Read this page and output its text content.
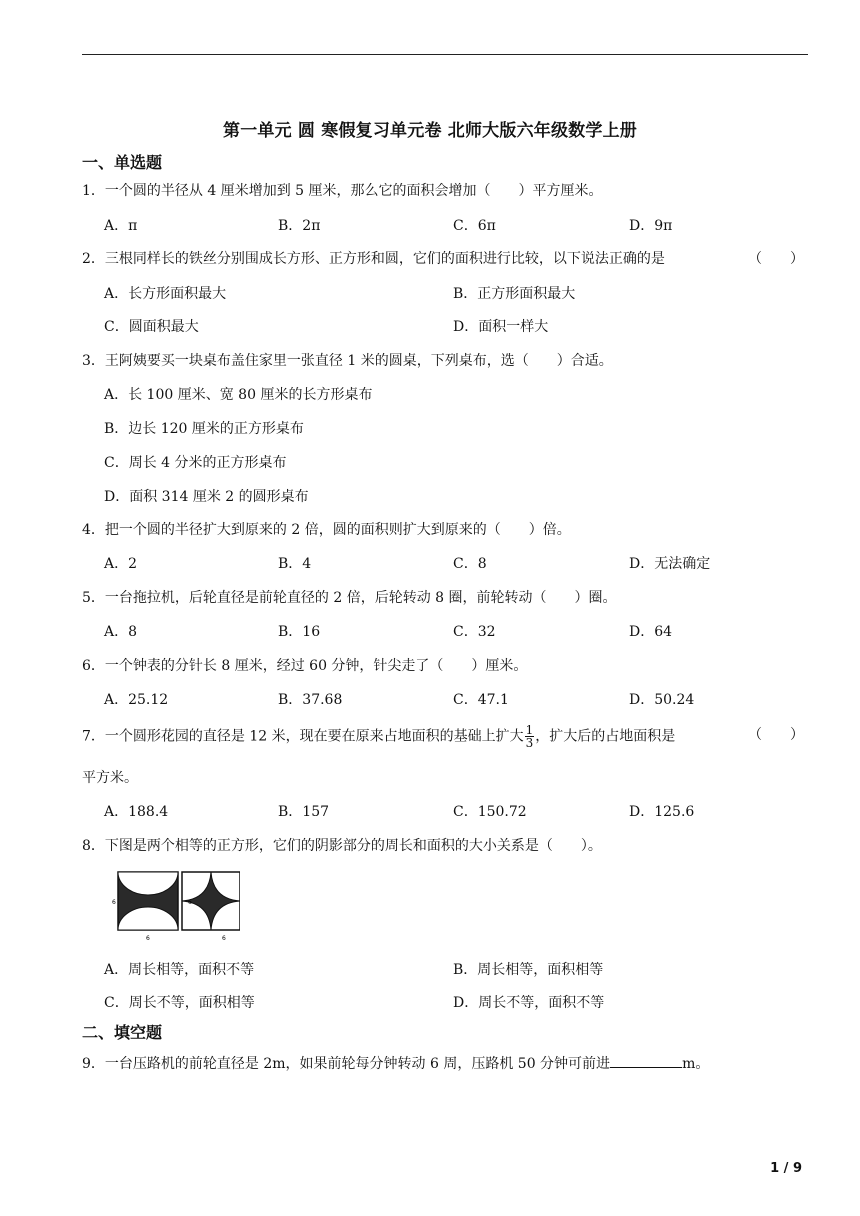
第一单元 圆 寒假复习单元卷 北师大版六年级数学上册
一、单选题
1．一个圆的半径从 4 厘米增加到 5 厘米，那么它的面积会增加（　　）平方厘米。
A．π	B．2π	C．6π	D．9π
2．三根同样长的铁丝分别围成长方形、正方形和圆，它们的面积进行比较，以下说法正确的是	（　　）
A．长方形面积最大	B．正方形面积最大
C．圆面积最大	D．面积一样大
3．王阿姨要买一块桌布盖住家里一张直径 1 米的圆桌，下列桌布，选（　　）合适。
A．长 100 厘米、宽 80 厘米的长方形桌布
B．边长 120 厘米的正方形桌布
C．周长 4 分米的正方形桌布
D．面积 314 厘米 2 的圆形桌布
4．把一个圆的半径扩大到原来的 2 倍，圆的面积则扩大到原来的（　　）倍。
A．2	B．4	C．8	D．无法确定
5．一台拖拉机，后轮直径是前轮直径的 2 倍，后轮转动 8 圈，前轮转动（　　）圈。
A．8	B．16	C．32	D．64
6．一个钟表的分针长 8 厘米，经过 60 分钟，针尖走了（　　）厘米。
A．25.12	B．37.68	C．47.1	D．50.24
7．一个圆形花园的直径是 12 米，现在要在原来占地面积的基础上扩大 $\frac{1}{3}$ ，扩大后的占地面积是	（　　）
平方米。
A．188.4	B．157	C．150.72	D．125.6
8．下图是两个相等的正方形，它们的阴影部分的周长和面积的大小关系是（　　）。
6
6
6
6
A．周长相等，面积不等	B．周长相等，面积相等
C．周长不等，面积相等	D．周长不等，面积不等
二、填空题
9．一台压路机的前轮直径是 2m，如果前轮每分钟转动 6 周，压路机 50 分钟可前进	m。
1 / 9
